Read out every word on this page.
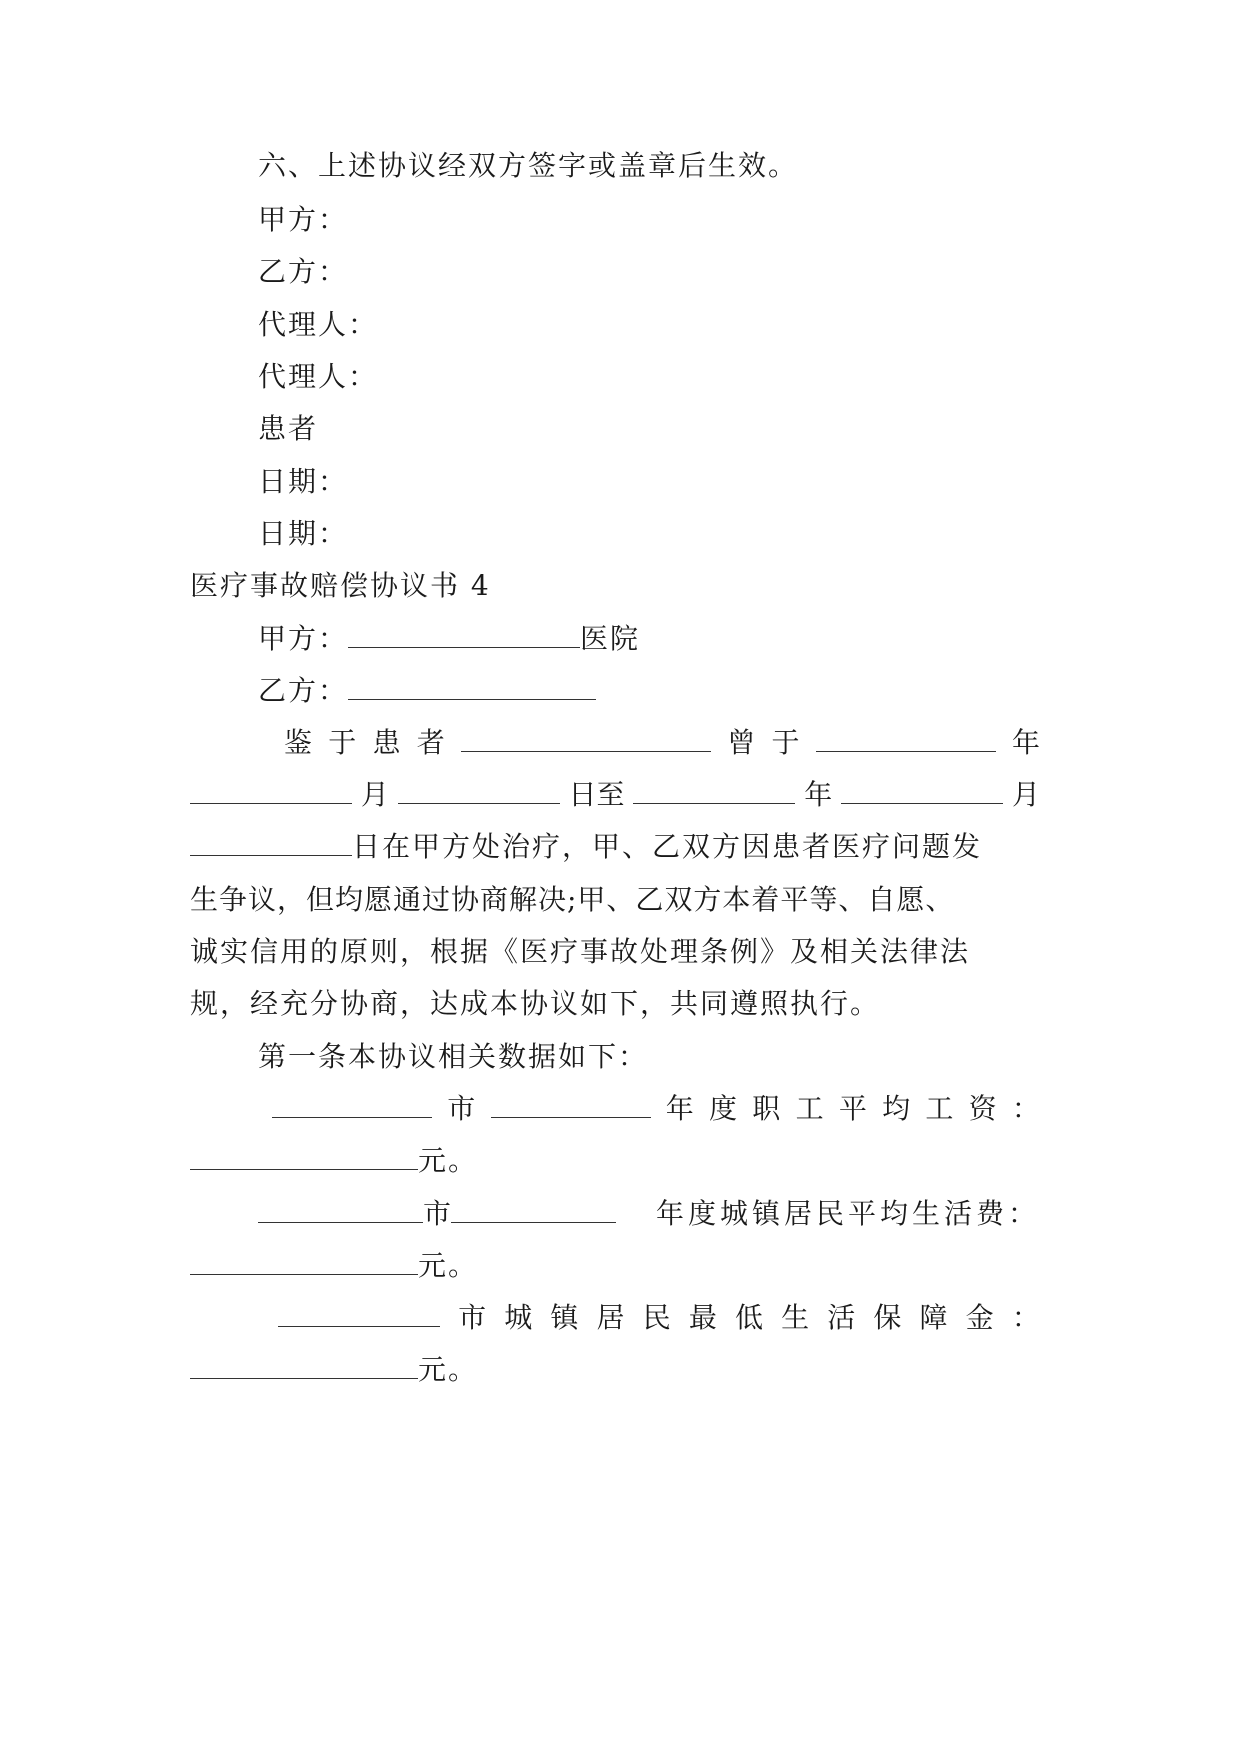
六、上述协议经双方签字或盖章后生效。
甲方：
乙方：
代理人：
代理人：
患者
日期：
日期：
医疗事故赔偿协议书 4
甲方：	医院
乙方：
鉴 于 患 者	曾 于	年
月	日至	年	月
日在甲方处治疗，甲、乙双方因患者医疗问题发
生争议，但均愿通过协商解决;甲、乙双方本着平等、自愿、
诚实信用的原则，根据《医疗事故处理条例》及相关法律法
规，经充分协商，达成本协议如下，共同遵照执行。
第一条本协议相关数据如下：
市	年 度 职 工 平 均 工 资 ：
元。
市	年度城镇居民平均生活费：
元。
市 城 镇 居 民 最 低 生 活 保 障 金 ：
元。
